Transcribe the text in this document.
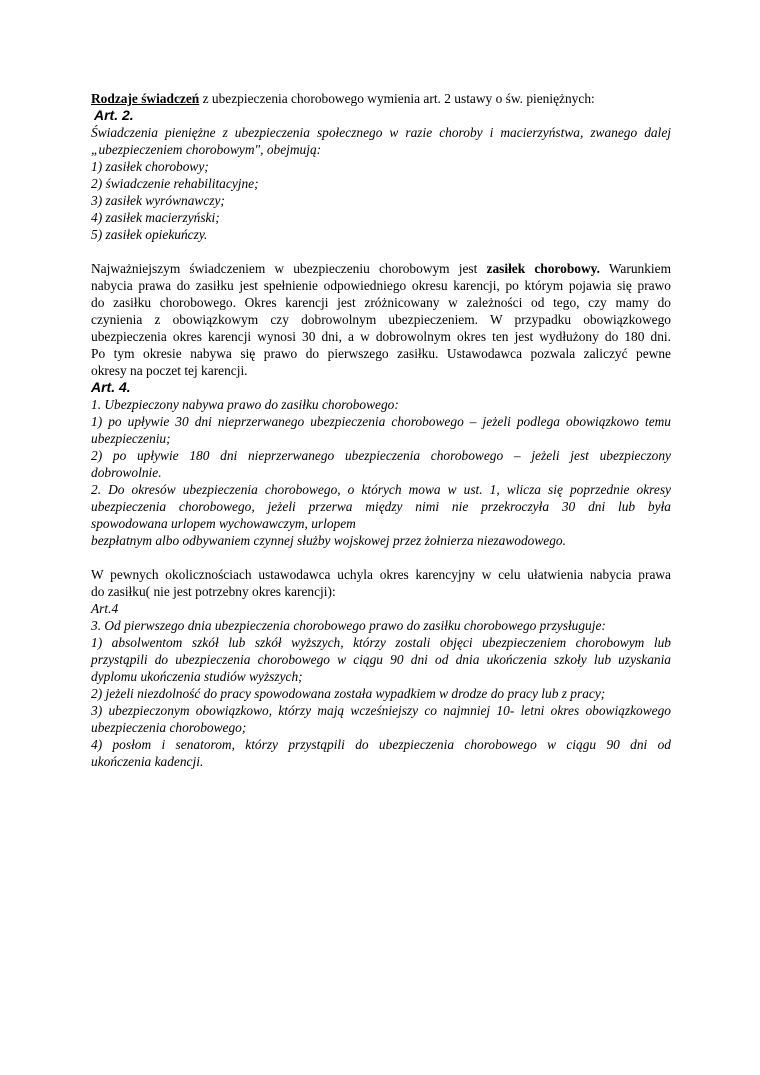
Rodzaje świadczeń z ubezpieczenia chorobowego wymienia art. 2 ustawy o św. pieniężnych:
Art. 2.
Świadczenia pieniężne z ubezpieczenia społecznego w razie choroby i macierzyństwa, zwanego dalej
„ubezpieczeniem chorobowym", obejmują:
1) zasiłek chorobowy;
2) świadczenie rehabilitacyjne;
3) zasiłek wyrównawczy;
4) zasiłek macierzyński;
5) zasiłek opiekuńczy.
Najważniejszym świadczeniem w ubezpieczeniu chorobowym jest zasiłek chorobowy. Warunkiem
nabycia prawa do zasiłku jest spełnienie odpowiedniego okresu karencji, po którym pojawia się prawo
do zasiłku chorobowego. Okres karencji jest zróżnicowany w zależności od tego, czy mamy do
czynienia z obowiązkowym czy dobrowolnym ubezpieczeniem. W przypadku obowiązkowego
ubezpieczenia okres karencji wynosi 30 dni, a w dobrowolnym okres ten jest wydłużony do 180 dni.
Po tym okresie nabywa się prawo do pierwszego zasiłku. Ustawodawca pozwala zaliczyć pewne
okresy na poczet tej karencji.
Art. 4.
1. Ubezpieczony nabywa prawo do zasiłku chorobowego:
1) po upływie 30 dni nieprzerwanego ubezpieczenia chorobowego – jeżeli podlega obowiązkowo temu
ubezpieczeniu;
2) po upływie 180 dni nieprzerwanego ubezpieczenia chorobowego – jeżeli jest ubezpieczony
dobrowolnie.
2. Do okresów ubezpieczenia chorobowego, o których mowa w ust. 1, wlicza się poprzednie okresy
ubezpieczenia chorobowego, jeżeli przerwa między nimi nie przekroczyła 30 dni lub była
spowodowana urlopem wychowawczym, urlopem
bezpłatnym albo odbywaniem czynnej służby wojskowej przez żołnierza niezawodowego.
W pewnych okolicznościach ustawodawca uchyla okres karencyjny w celu ułatwienia nabycia prawa
do zasiłku( nie jest potrzebny okres karencji):
Art.4
3. Od pierwszego dnia ubezpieczenia chorobowego prawo do zasiłku chorobowego przysługuje:
1) absolwentom szkół lub szkół wyższych, którzy zostali objęci ubezpieczeniem chorobowym lub
przystąpili do ubezpieczenia chorobowego w ciągu 90 dni od dnia ukończenia szkoły lub uzyskania
dyplomu ukończenia studiów wyższych;
2) jeżeli niezdolność do pracy spowodowana została wypadkiem w drodze do pracy lub z pracy;
3) ubezpieczonym obowiązkowo, którzy mają wcześniejszy co najmniej 10- letni okres obowiązkowego
ubezpieczenia chorobowego;
4) posłom i senatorom, którzy przystąpili do ubezpieczenia chorobowego w ciągu 90 dni od
ukończenia kadencji.
